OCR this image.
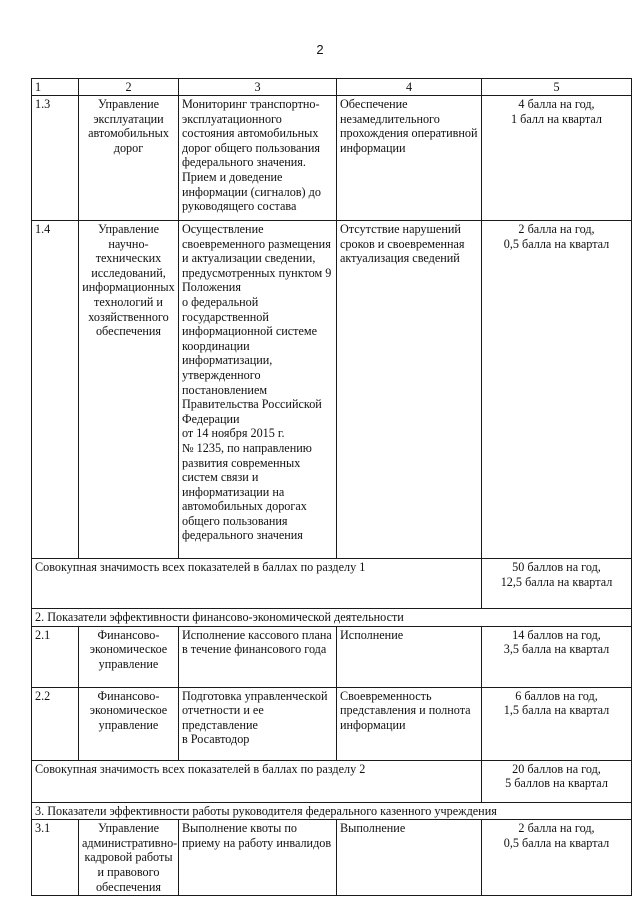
2
1	2	3	4	5
1.3	Управление эксплуатации автомобильных дорог	Мониторинг транспортно-эксплуатационного состояния автомобильных дорог общего пользования федерального значения. Прием и доведение информации (сигналов) до руководящего состава	Обеспечение незамедлительного прохождения оперативной информации	4 балла на год,
1 балл на квартал
1.4	Управление научно-технических исследований, информационных технологий и хозяйственного обеспечения	Осуществление своевременного размещения
и актуализации сведении, предусмотренных пунктом 9 Положения
о федеральной государственной информационной системе координации информатизации, утвержденного постановлением Правительства Российской Федерации
от 14 ноября 2015 г.
№ 1235, по направлению развития современных систем связи и информатизации на автомобильных дорогах общего пользования федерального значения	Отсутствие нарушений сроков и своевременная актуализация сведений	2 балла на год,
0,5 балла на квартал
Совокупная значимость всех показателей в баллах по разделу 1				50 баллов на год,
12,5 балла на квартал
2. Показатели эффективности финансово-экономической деятельности				
2.1	Финансово-экономическое управление	Исполнение кассового плана в течение финансового года	Исполнение	14 баллов на год,
3,5 балла на квартал
2.2	Финансово-экономическое управление	Подготовка управленческой отчетности и ее представление
в Росавтодор	Своевременность представления и полнота информации	6 баллов на год,
1,5 балла на квартал
Совокупная значимость всех показателей в баллах по разделу 2				20 баллов на год,
5 баллов на квартал
3. Показатели эффективности работы руководителя федерального казенного учреждения				
3.1	Управление административно-кадровой работы и правового обеспечения	Выполнение квоты по приему на работу инвалидов	Выполнение	2 балла на год,
0,5 балла на квартал
